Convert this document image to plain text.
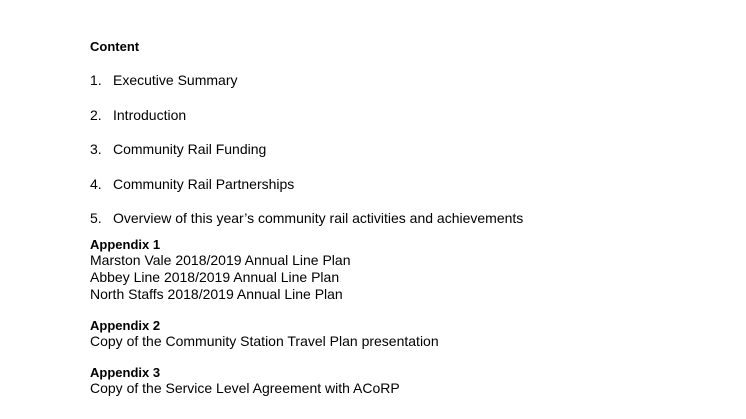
Content
1. Executive Summary
2. Introduction
3. Community Rail Funding
4. Community Rail Partnerships
5. Overview of this year’s community rail activities and achievements
Appendix 1
Marston Vale 2018/2019 Annual Line Plan
Abbey Line 2018/2019 Annual Line Plan
North Staffs 2018/2019 Annual Line Plan
Appendix 2
Copy of the Community Station Travel Plan presentation
Appendix 3
Copy of the Service Level Agreement with ACoRP
